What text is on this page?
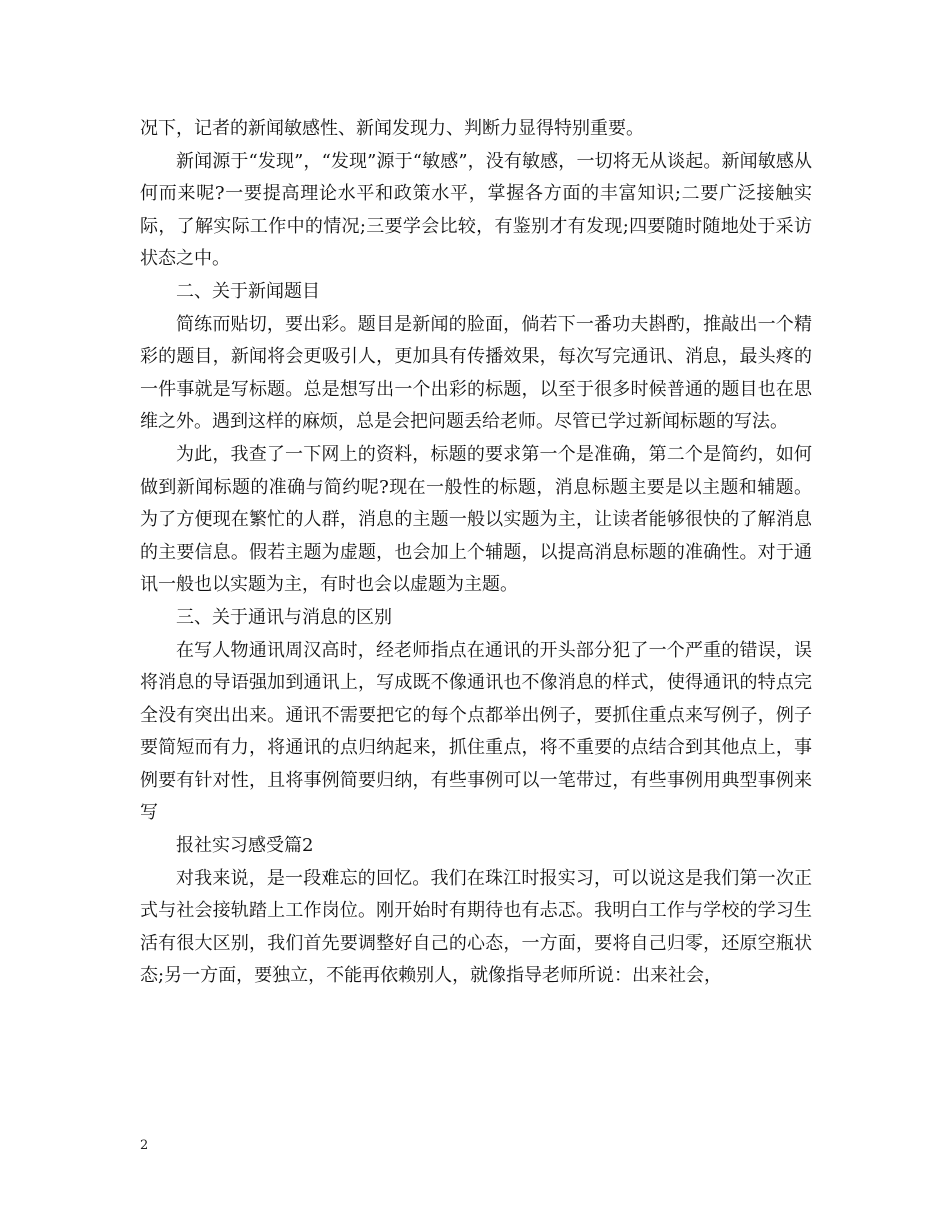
况下，记者的新闻敏感性、新闻发现力、判断力显得特别重要。

新闻源于“发现”，“发现”源于“敏感”，没有敏感，一切将无从谈起。新闻敏感从何而来呢?一要提高理论水平和政策水平，掌握各方面的丰富知识;二要广泛接触实际，了解实际工作中的情况;三要学会比较，有鉴别才有发现;四要随时随地处于采访状态之中。

二、关于新闻题目

简练而贴切，要出彩。题目是新闻的脸面，倘若下一番功夫斟酌，推敲出一个精彩的题目，新闻将会更吸引人，更加具有传播效果，每次写完通讯、消息，最头疼的一件事就是写标题。总是想写出一个出彩的标题，以至于很多时候普通的题目也在思维之外。遇到这样的麻烦，总是会把问题丢给老师。尽管已学过新闻标题的写法。

为此，我查了一下网上的资料，标题的要求第一个是准确，第二个是简约，如何做到新闻标题的准确与简约呢?现在一般性的标题，消息标题主要是以主题和辅题。为了方便现在繁忙的人群，消息的主题一般以实题为主，让读者能够很快的了解消息的主要信息。假若主题为虚题，也会加上个辅题，以提高消息标题的准确性。对于通讯一般也以实题为主，有时也会以虚题为主题。

三、关于通讯与消息的区别

在写人物通讯周汉高时，经老师指点在通讯的开头部分犯了一个严重的错误，误将消息的导语强加到通讯上，写成既不像通讯也不像消息的样式，使得通讯的特点完全没有突出出来。通讯不需要把它的每个点都举出例子，要抓住重点来写例子，例子要简短而有力，将通讯的点归纳起来，抓住重点，将不重要的点结合到其他点上，事例要有针对性，且将事例简要归纳，有些事例可以一笔带过，有些事例用典型事例来写

报社实习感受篇2

对我来说，是一段难忘的回忆。我们在珠江时报实习，可以说这是我们第一次正式与社会接轨踏上工作岗位。刚开始时有期待也有忐忑。我明白工作与学校的学习生活有很大区别，我们首先要调整好自己的心态，一方面，要将自己归零，还原空瓶状态;另一方面，要独立，不能再依赖别人，就像指导老师所说：出来社会，

2
